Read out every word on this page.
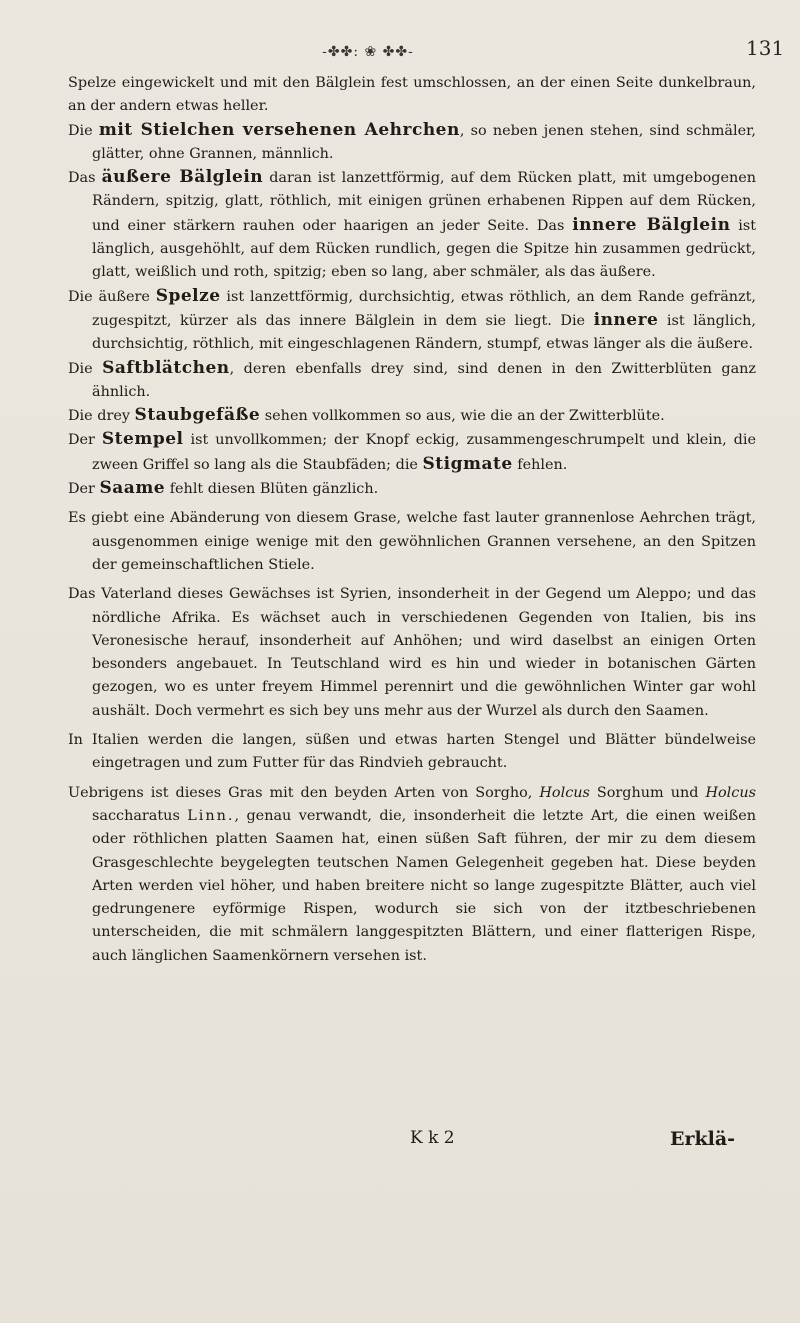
-✤✤: ❀ ✤✤-	131

Spelze eingewickelt und mit den Bälglein fest umschlossen, an der einen Seite dunkelbraun, an der andern etwas heller.

Die mit Stielchen versehenen Aehrchen, so neben jenen stehen, sind schmäler, glätter, ohne Grannen, männlich.

Das äußere Bälglein daran ist lanzettförmig, auf dem Rücken platt, mit umgebogenen Rändern, spitzig, glatt, röthlich, mit einigen grünen erhabenen Rippen auf dem Rücken, und einer stärkern rauhen oder haarigen an jeder Seite. Das innere Bälglein ist länglich, ausgehöhlt, auf dem Rücken rundlich, gegen die Spitze hin zusammen gedrückt, glatt, weißlich und roth, spitzig; eben so lang, aber schmäler, als das äußere.

Die äußere Spelze ist lanzettförmig, durchsichtig, etwas röthlich, an dem Rande gefränzt, zugespitzt, kürzer als das innere Bälglein in dem sie liegt. Die innere ist länglich, durchsichtig, röthlich, mit eingeschlagenen Rändern, stumpf, etwas länger als die äußere.

Die Saftblätchen, deren ebenfalls drey sind, sind denen in den Zwitterblüten ganz ähnlich.

Die drey Staubgefäße sehen vollkommen so aus, wie die an der Zwitterblüte.

Der Stempel ist unvollkommen; der Knopf eckig, zusammengeschrumpelt und klein, die zween Griffel so lang als die Staubfäden; die Stigmate fehlen.

Der Saame fehlt diesen Blüten gänzlich.

Es giebt eine Abänderung von diesem Grase, welche fast lauter grannenlose Aehrchen trägt, ausgenommen einige wenige mit den gewöhnlichen Grannen versehene, an den Spitzen der gemeinschaftlichen Stiele.

Das Vaterland dieses Gewächses ist Syrien, insonderheit in der Gegend um Aleppo; und das nördliche Afrika. Es wächset auch in verschiedenen Gegenden von Italien, bis ins Veronesische herauf, insonderheit auf Anhöhen; und wird daselbst an einigen Orten besonders angebauet. In Teutschland wird es hin und wieder in botanischen Gärten gezogen, wo es unter freyem Himmel perennirt und die gewöhnlichen Winter gar wohl aushält. Doch vermehrt es sich bey uns mehr aus der Wurzel als durch den Saamen.

In Italien werden die langen, süßen und etwas harten Stengel und Blätter bündelweise eingetragen und zum Futter für das Rindvieh gebraucht.

Uebrigens ist dieses Gras mit den beyden Arten von Sorgho, Holcus Sorghum und Holcus saccharatus Linn., genau verwandt, die, insonderheit die letzte Art, die einen weißen oder röthlichen platten Saamen hat, einen süßen Saft führen, der mir zu dem diesem Grasgeschlechte beygelegten teutschen Namen Gelegenheit gegeben hat. Diese beyden Arten werden viel höher, und haben breitere nicht so lange zugespitzte Blätter, auch viel gedrungenere eyförmige Rispen, wodurch sie sich von der itztbeschriebenen unterscheiden, die mit schmälern langgespitzten Blättern, und einer flatterigen Rispe, auch länglichen Saamenkörnern versehen ist.

K k 2	Erklä-
